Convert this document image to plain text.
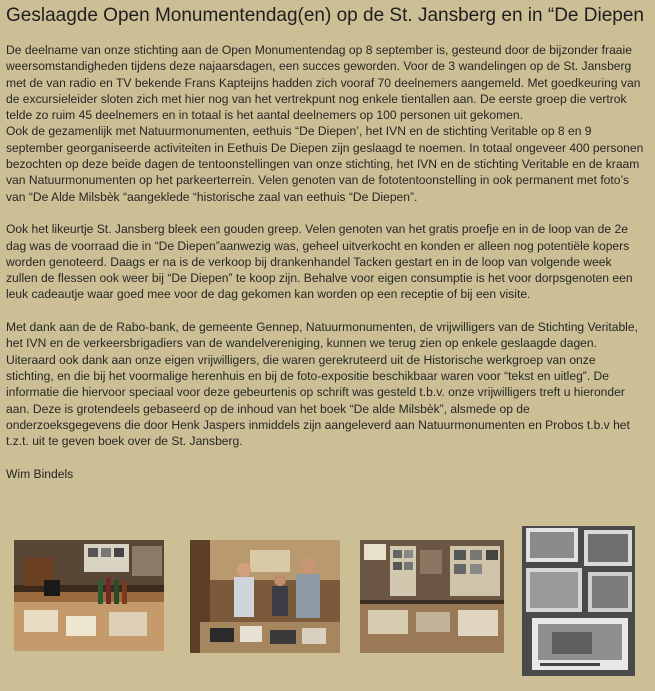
Geslaagde Open Monumentendag(en) op de St. Jansberg en in “De Diepen

De deelname van onze stichting aan de Open Monumentendag op 8 september is, gesteund door de bijzonder fraaie weersomstandigheden tijdens deze najaarsdagen, een succes geworden. Voor de 3 wandelingen op de St. Jansberg met de van radio en TV bekende Frans Kapteijns hadden zich vooraf 70 deelnemers aangemeld. Met goedkeuring van de excursieleider sloten zich met hier nog van het vertrekpunt nog enkele tientallen aan. De eerste groep die vertrok telde zo ruim 45 deelnemers en in totaal is het aantal deelnemers op 100 personen uit gekomen.

Ook de gezamenlijk met Natuurmonumenten, eethuis “De Diepen’, het IVN en de stichting Veritable op 8 en 9 september georganiseerde activiteiten in Eethuis De Diepen zijn geslaagd te noemen. In totaal ongeveer 400 personen bezochten op deze beide dagen de tentoonstellingen van onze stichting, het IVN en de stichting Veritable en de kraam van Natuurmonumenten op het parkeerterrein. Velen genoten van de fototentoonstelling in ook permanent met foto’s van “De Alde Milsbèk “aangeklede “historische zaal van eethuis “De Diepen”.

Ook het likeurtje St. Jansberg bleek een gouden greep. Velen genoten van het gratis proefje en in de loop van de 2e dag was de voorraad die in “De Diepen”aanwezig was, geheel uitverkocht en konden er alleen nog potentiële kopers worden genoteerd. Daags er na is de verkoop bij drankenhandel Tacken gestart en in de loop van volgende week zullen de flessen ook weer bij “De Diepen” te koop zijn. Behalve voor eigen consumptie is het voor dorpsgenoten een leuk cadeautje waar goed mee voor de dag gekomen kan worden op een receptie of bij een visite.

Met dank aan de de Rabo-bank, de gemeente Gennep, Natuurmonumenten, de vrijwilligers van de Stichting Veritable, het IVN en de verkeersbrigadiers van de wandelvereniging, kunnen we terug zien op enkele geslaagde dagen. Uiteraard ook dank aan onze eigen vrijwilligers, die waren gerekruteerd uit de Historische werkgroep van onze stichting, en die bij het voormalige herenhuis en bij de foto-expositie beschikbaar waren voor “tekst en uitleg”. De informatie die hiervoor speciaal voor deze gebeurtenis op schrift was gesteld t.b.v. onze vrijwilligers treft u hieronder aan. Deze is grotendeels gebaseerd op de inhoud van het boek “De alde Milsbèk”, alsmede op de onderzoeksgegevens die door Henk Jaspers inmiddels zijn aangeleverd aan Natuurmonumenten en Probos t.b.v het t.z.t. uit te geven boek over de St. Jansberg.

Wim Bindels
